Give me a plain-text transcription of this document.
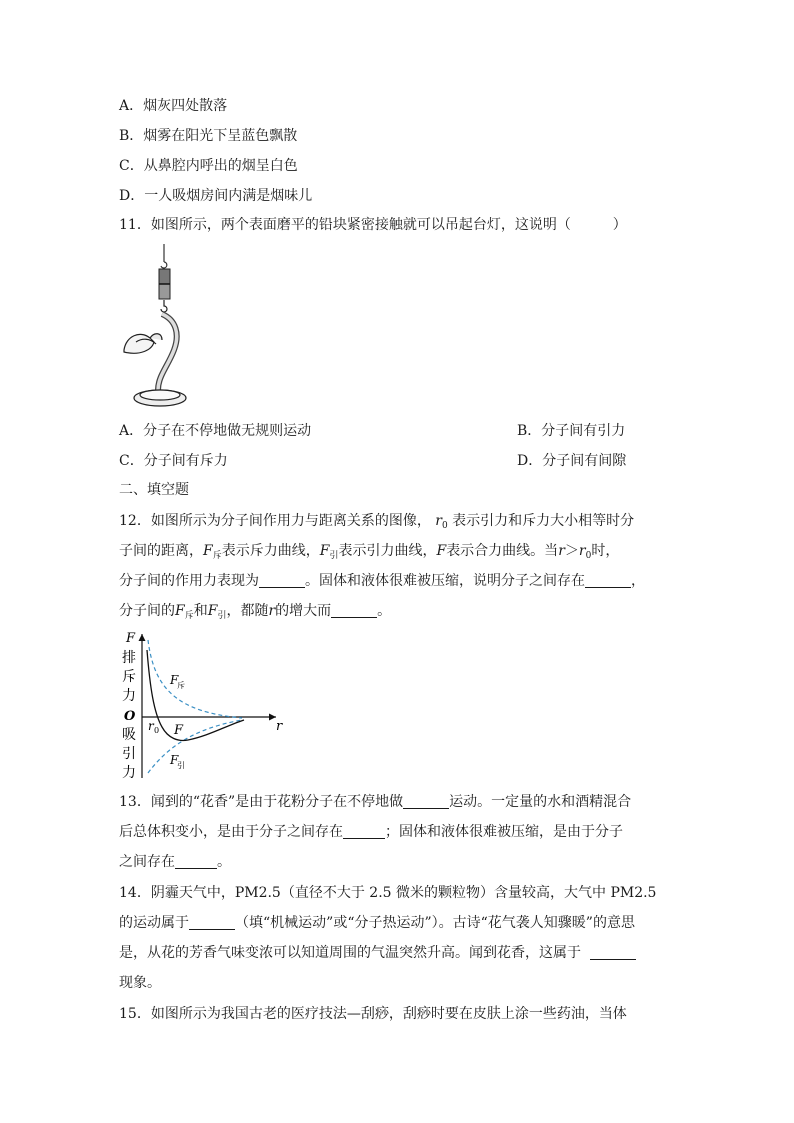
A．烟灰四处散落
B．烟雾在阳光下呈蓝色飘散
C．从鼻腔内呼出的烟呈白色
D．一人吸烟房间内满是烟味儿
11．如图所示，两个表面磨平的铅块紧密接触就可以吊起台灯，这说明（　　　）
A．分子在不停地做无规则运动	B．分子间有引力
C．分子间有斥力	D．分子间有间隙
二、填空题
12．如图所示为分子间作用力与距离关系的图像， $r_0$ 表示引力和斥力大小相等时分
子间的距离，$F_斥$表示斥力曲线，$F_引$表示引力曲线，F表示合力曲线。当$r>r_0$时，
分子间的作用力表现为	。固体和液体很难被压缩，说明分子之间存在	，
分子间的$F_斥$和$F_引$，都随r的增大而	。
F
排
斥
力
O
吸
引
力
r
r 0
F
斥
F
F
引
13．闻到的“花香”是由于花粉分子在不停地做	运动。一定量的水和酒精混合
后总体积变小，是由于分子之间存在	；固体和液体很难被压缩，是由于分子
之间存在	。
14．阴霾天气中，PM2.5（直径不大于 2.5 微米的颗粒物）含量较高，大气中 PM2.5
的运动属于	（填“机械运动”或“分子热运动”）。古诗“花气袭人知骤暖”的意思
是，从花的芳香气味变浓可以知道周围的气温突然升高。闻到花香，这属于
现象。
15．如图所示为我国古老的医疗技法—刮痧，刮痧时要在皮肤上涂一些药油，当体
